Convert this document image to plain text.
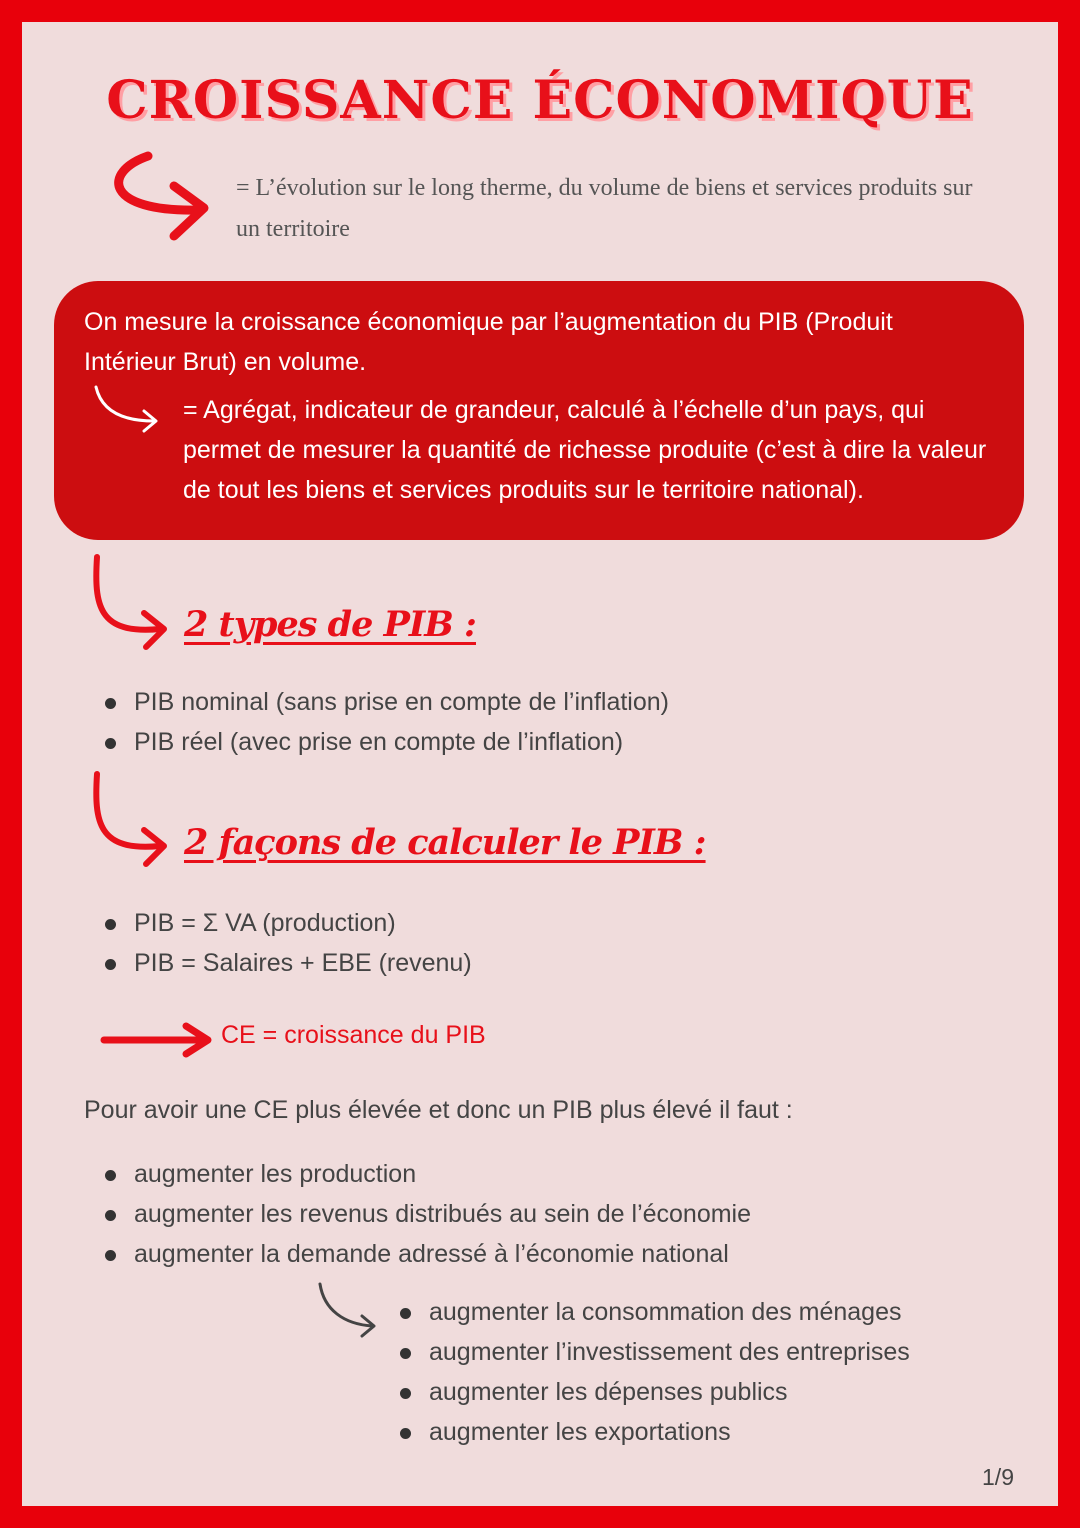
CROISSANCE ÉCONOMIQUE
= L’évolution sur le long therme, du volume de biens et services produits sur un territoire
On mesure la croissance économique par l’augmentation du PIB (Produit Intérieur Brut) en volume.
= Agrégat, indicateur de grandeur, calculé à l’échelle d’un pays, qui permet de mesurer la quantité de richesse produite (c’est à dire la valeur de tout les biens et services produits sur le territoire national).
2 types de PIB :
PIB nominal (sans prise en compte de l’inflation)
PIB réel (avec prise en compte de l’inflation)
2 façons de calculer le PIB :
PIB = Σ VA (production)
PIB = Salaires + EBE (revenu)
CE = croissance du PIB
Pour avoir une CE plus élevée et donc un PIB plus élevé il faut :
augmenter les production
augmenter les revenus distribués au sein de l’économie
augmenter la demande adressé à l’économie national
augmenter la consommation des ménages
augmenter l’investissement des entreprises
augmenter les dépenses publics
augmenter les exportations
1/9
